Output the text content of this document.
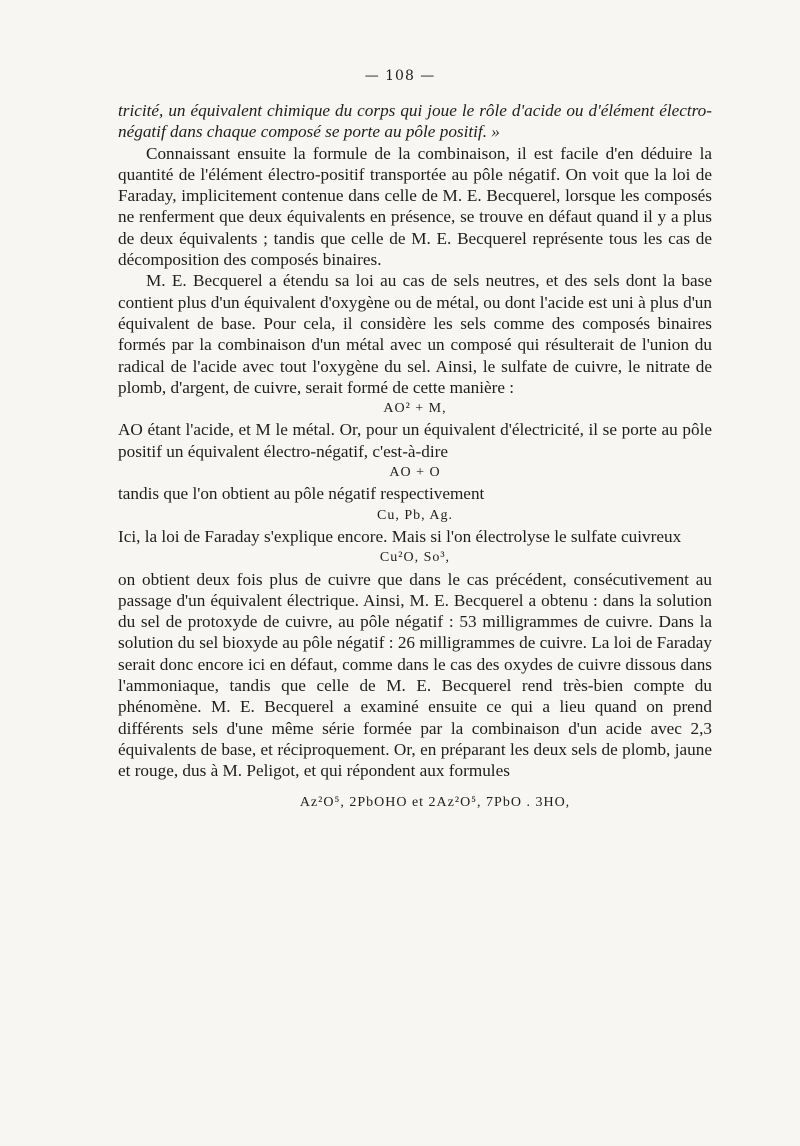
— 108 —

tricité, un équivalent chimique du corps qui joue le rôle d'acide ou d'élément électro-négatif dans chaque composé se porte au pôle positif. »

Connaissant ensuite la formule de la combinaison, il est facile d'en déduire la quantité de l'élément électro-positif transportée au pôle négatif. On voit que la loi de Faraday, implicitement contenue dans celle de M. E. Becquerel, lorsque les composés ne renferment que deux équivalents en présence, se trouve en défaut quand il y a plus de deux équivalents ; tandis que celle de M. E. Becquerel représente tous les cas de décomposition des composés binaires.

M. E. Becquerel a étendu sa loi au cas de sels neutres, et des sels dont la base contient plus d'un équivalent d'oxygène ou de métal, ou dont l'acide est uni à plus d'un équivalent de base. Pour cela, il considère les sels comme des composés binaires formés par la combinaison d'un métal avec un composé qui résulterait de l'union du radical de l'acide avec tout l'oxygène du sel. Ainsi, le sulfate de cuivre, le nitrate de plomb, d'argent, de cuivre, serait formé de cette manière :

AO² + M,

AO étant l'acide, et M le métal. Or, pour un équivalent d'électricité, il se porte au pôle positif un équivalent électro-négatif, c'est-à-dire

AO + O

tandis que l'on obtient au pôle négatif respectivement

Cu, Pb, Ag.

Ici, la loi de Faraday s'explique encore. Mais si l'on électrolyse le sulfate cuivreux

Cu²O, So³,

on obtient deux fois plus de cuivre que dans le cas précédent, consécutivement au passage d'un équivalent électrique. Ainsi, M. E. Becquerel a obtenu : dans la solution du sel de protoxyde de cuivre, au pôle négatif : 53 milligrammes de cuivre. Dans la solution du sel bioxyde au pôle négatif : 26 milligrammes de cuivre. La loi de Faraday serait donc encore ici en défaut, comme dans le cas des oxydes de cuivre dissous dans l'ammoniaque, tandis que celle de M. E. Becquerel rend très-bien compte du phénomène. M. E. Becquerel a examiné ensuite ce qui a lieu quand on prend différents sels d'une même série formée par la combinaison d'un acide avec 2,3 équivalents de base, et réciproquement. Or, en préparant les deux sels de plomb, jaune et rouge, dus à M. Peligot, et qui répondent aux formules

Az²O⁵, 2PbOHO et 2Az²O⁵, 7PbO . 3HO,
